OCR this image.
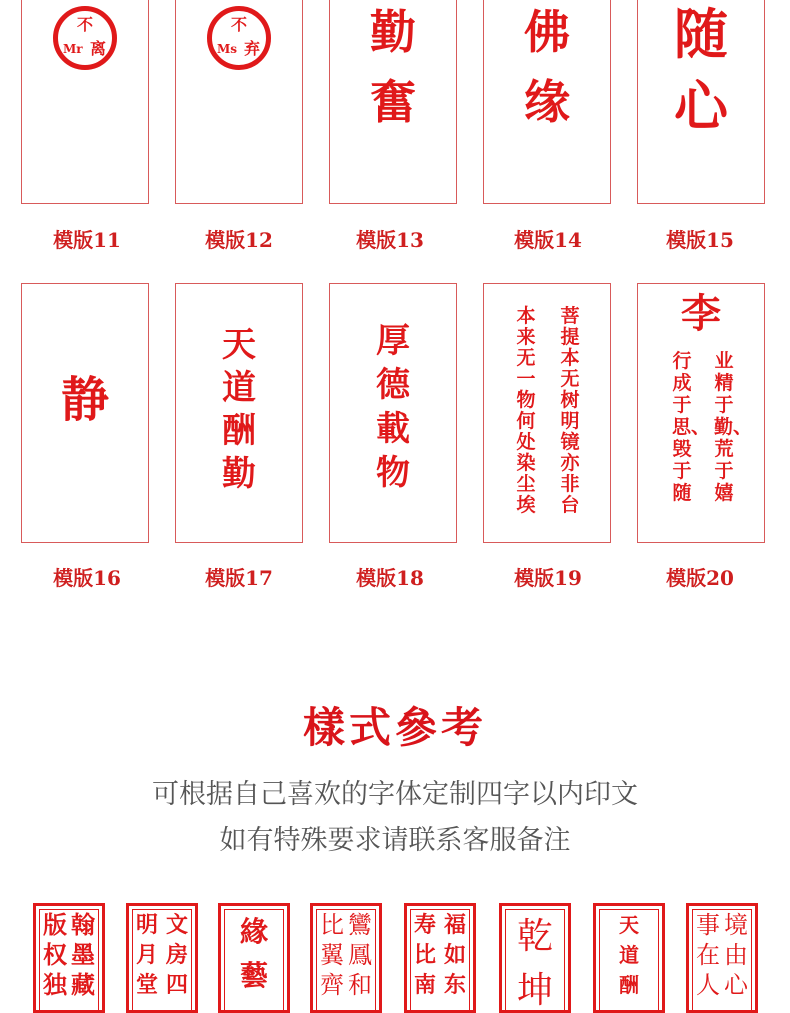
不
Mr 离
模版11
不
Ms 弃
模版12
勤
奮
模版13
佛
缘
模版14
随
心
模版15
静
模版16
天
道
酬
勤
模版17
厚
德
載
物
模版18
菩提本无树明镜亦非台
本来无一物何处染尘埃
模版19
李
业精于勤、荒于嬉
行成于思、毁于随
模版20
樣式參考
可根据自己喜欢的字体定制四字以内印文
如有特殊要求请联系客服备注
翰墨藏
版权独
文房四
明月堂
緣藝
鸞鳳和
比翼齊
福如东
寿比南
乾坤
天道酬
境由心
事在人
